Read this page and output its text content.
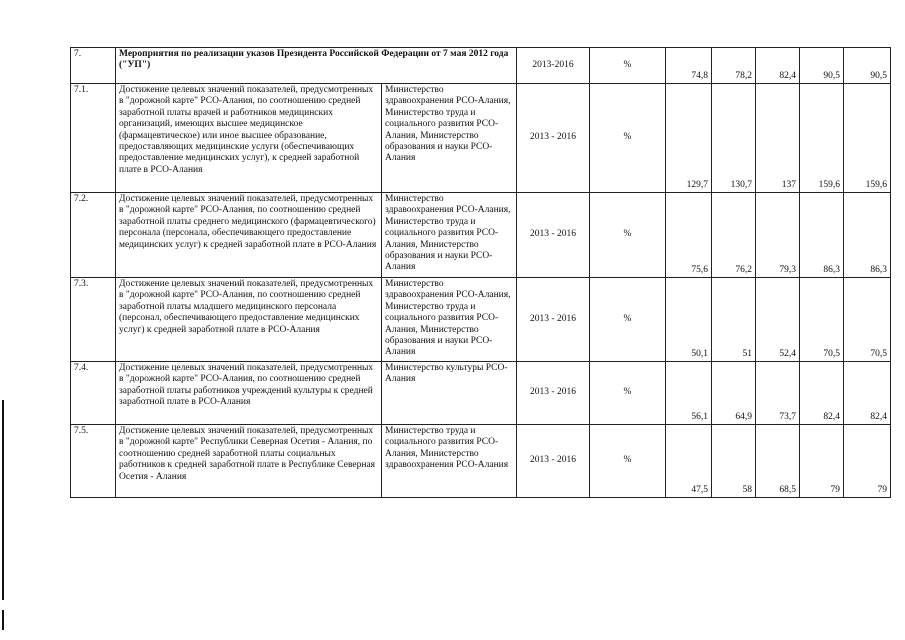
7.	Мероприятия по реализации указов Президента Российской Федерации от 7 мая 2012 года ("УП")		2013-2016	%	74,8	78,2	82,4	90,5	90,5
7.1.	Достижение целевых значений показателей, предусмотренных в "дорожной карте" РСО-Алания, по соотношению средней заработной платы врачей и работников медицинских организаций, имеющих высшее медицинское (фармацевтическое) или иное высшее образование, предоставляющих медицинские услуги (обеспечивающих предоставление медицинских услуг), к средней заработной плате в РСО-Алания	Министерство здравоохранения РСО-Алания, Министерство труда и социального развития РСО-Алания, Министерство образования и науки РСО-Алания	2013 - 2016	%	129,7	130,7	137	159,6	159,6
7.2.	Достижение целевых значений показателей, предусмотренных в "дорожной карте" РСО-Алания, по соотношению средней заработной платы среднего медицинского (фармацевтического) персонала (персонала, обеспечивающего предоставление медицинских услуг) к средней заработной плате в РСО-Алания	Министерство здравоохранения РСО-Алания, Министерство труда и социального развития РСО-Алания, Министерство образования и науки РСО-Алания	2013 - 2016	%	75,6	76,2	79,3	86,3	86,3
7.3.	Достижение целевых значений показателей, предусмотренных в "дорожной карте" РСО-Алания, по соотношению средней заработной платы младшего медицинского персонала (персонал, обеспечивающего предоставление медицинских услуг) к средней заработной плате в РСО-Алания	Министерство здравоохранения РСО-Алания, Министерство труда и социального развития РСО-Алания, Министерство образования и науки РСО-Алания	2013 - 2016	%	50,1	51	52,4	70,5	70,5
7.4.	Достижение целевых значений показателей, предусмотренных в "дорожной карте" РСО-Алания, по соотношению средней заработной платы работников учреждений культуры к средней заработной плате в РСО-Алания	Министерство культуры РСО-Алания	2013 - 2016	%	56,1	64,9	73,7	82,4	82,4
7.5.	Достижение целевых значений показателей, предусмотренных в "дорожной карте" Республики Северная Осетия - Алания, по соотношению средней заработной платы социальных работников к средней заработной плате в Республике Северная Осетия - Алания	Министерство труда и социального развития РСО-Алания, Министерство здравоохранения РСО-Алания	2013 - 2016	%	47,5	58	68,5	79	79
